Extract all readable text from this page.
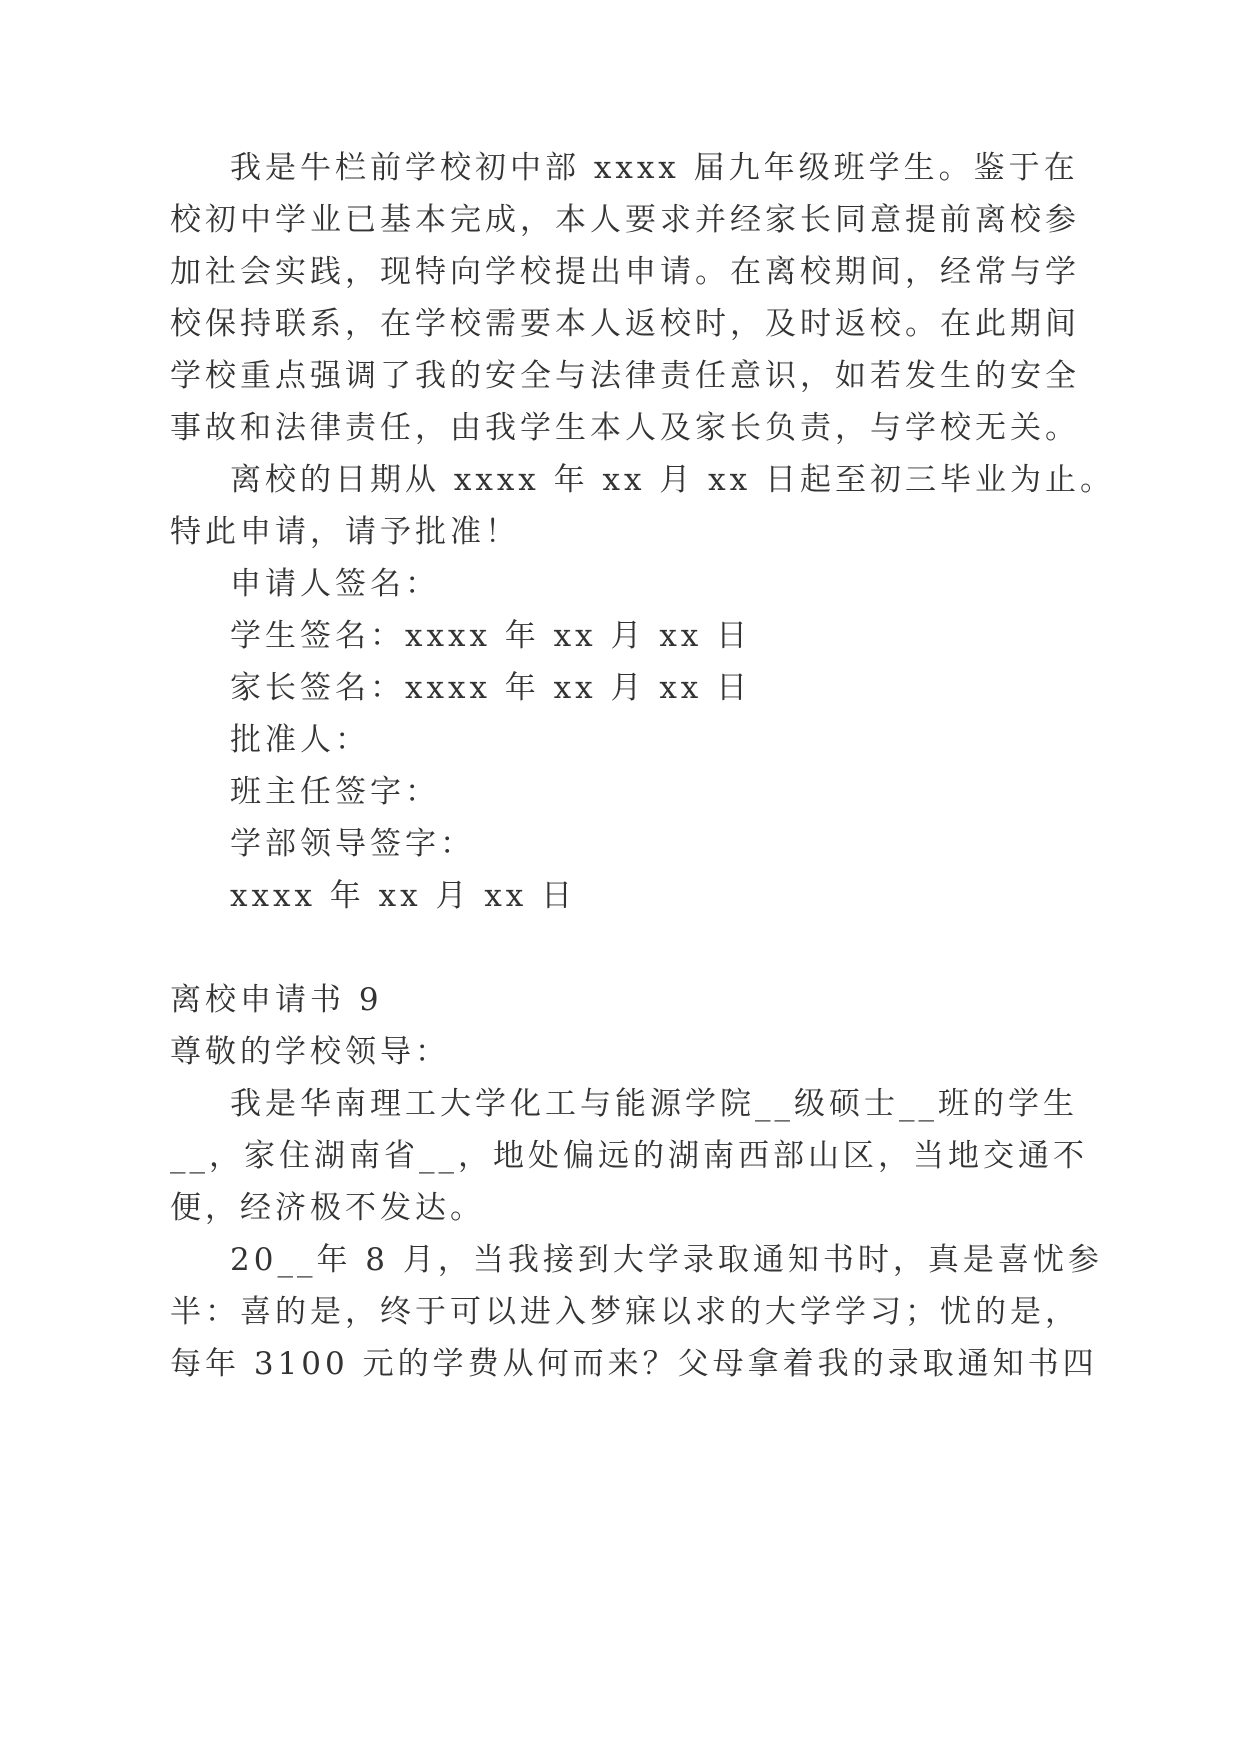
我是牛栏前学校初中部 xxxx 届九年级班学生。鉴于在
校初中学业已基本完成，本人要求并经家长同意提前离校参
加社会实践，现特向学校提出申请。在离校期间，经常与学
校保持联系，在学校需要本人返校时，及时返校。在此期间
学校重点强调了我的安全与法律责任意识，如若发生的安全
事故和法律责任，由我学生本人及家长负责，与学校无关。
离校的日期从 xxxx 年 xx 月 xx 日起至初三毕业为止。
特此申请，请予批准！
申请人签名：
学生签名：xxxx 年 xx 月 xx 日
家长签名：xxxx 年 xx 月 xx 日
批准人：
班主任签字：
学部领导签字：
xxxx 年 xx 月 xx 日
离校申请书 9
尊敬的学校领导：
我是华南理工大学化工与能源学院__级硕士__班的学生
__，家住湖南省__，地处偏远的湖南西部山区，当地交通不
便，经济极不发达。
20__年 8 月，当我接到大学录取通知书时，真是喜忧参
半：喜的是，终于可以进入梦寐以求的大学学习；忧的是，
每年 3100 元的学费从何而来？父母拿着我的录取通知书四
